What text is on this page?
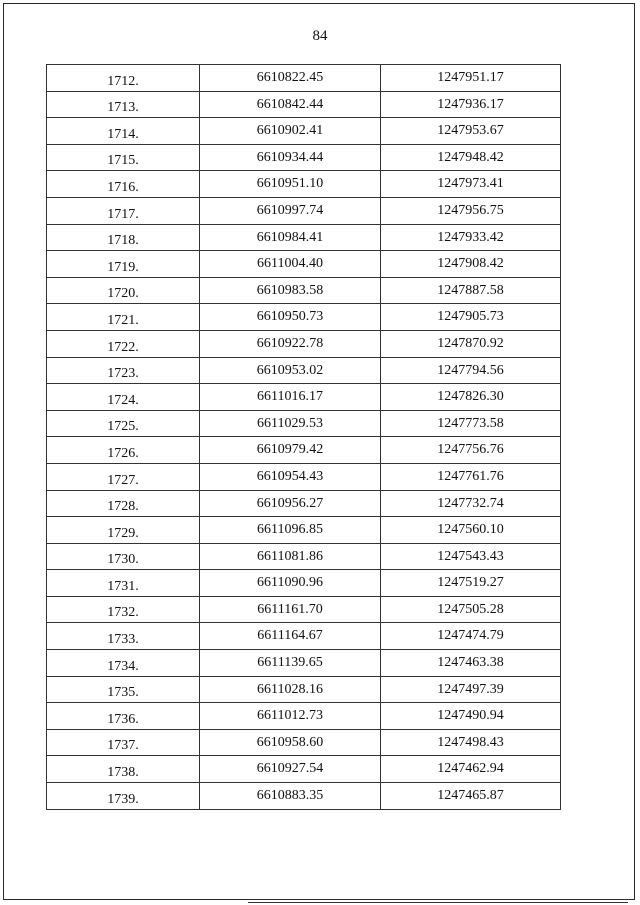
84
1712.	6610822.45	1247951.17
1713.	6610842.44	1247936.17
1714.	6610902.41	1247953.67
1715.	6610934.44	1247948.42
1716.	6610951.10	1247973.41
1717.	6610997.74	1247956.75
1718.	6610984.41	1247933.42
1719.	6611004.40	1247908.42
1720.	6610983.58	1247887.58
1721.	6610950.73	1247905.73
1722.	6610922.78	1247870.92
1723.	6610953.02	1247794.56
1724.	6611016.17	1247826.30
1725.	6611029.53	1247773.58
1726.	6610979.42	1247756.76
1727.	6610954.43	1247761.76
1728.	6610956.27	1247732.74
1729.	6611096.85	1247560.10
1730.	6611081.86	1247543.43
1731.	6611090.96	1247519.27
1732.	6611161.70	1247505.28
1733.	6611164.67	1247474.79
1734.	6611139.65	1247463.38
1735.	6611028.16	1247497.39
1736.	6611012.73	1247490.94
1737.	6610958.60	1247498.43
1738.	6610927.54	1247462.94
1739.	6610883.35	1247465.87
